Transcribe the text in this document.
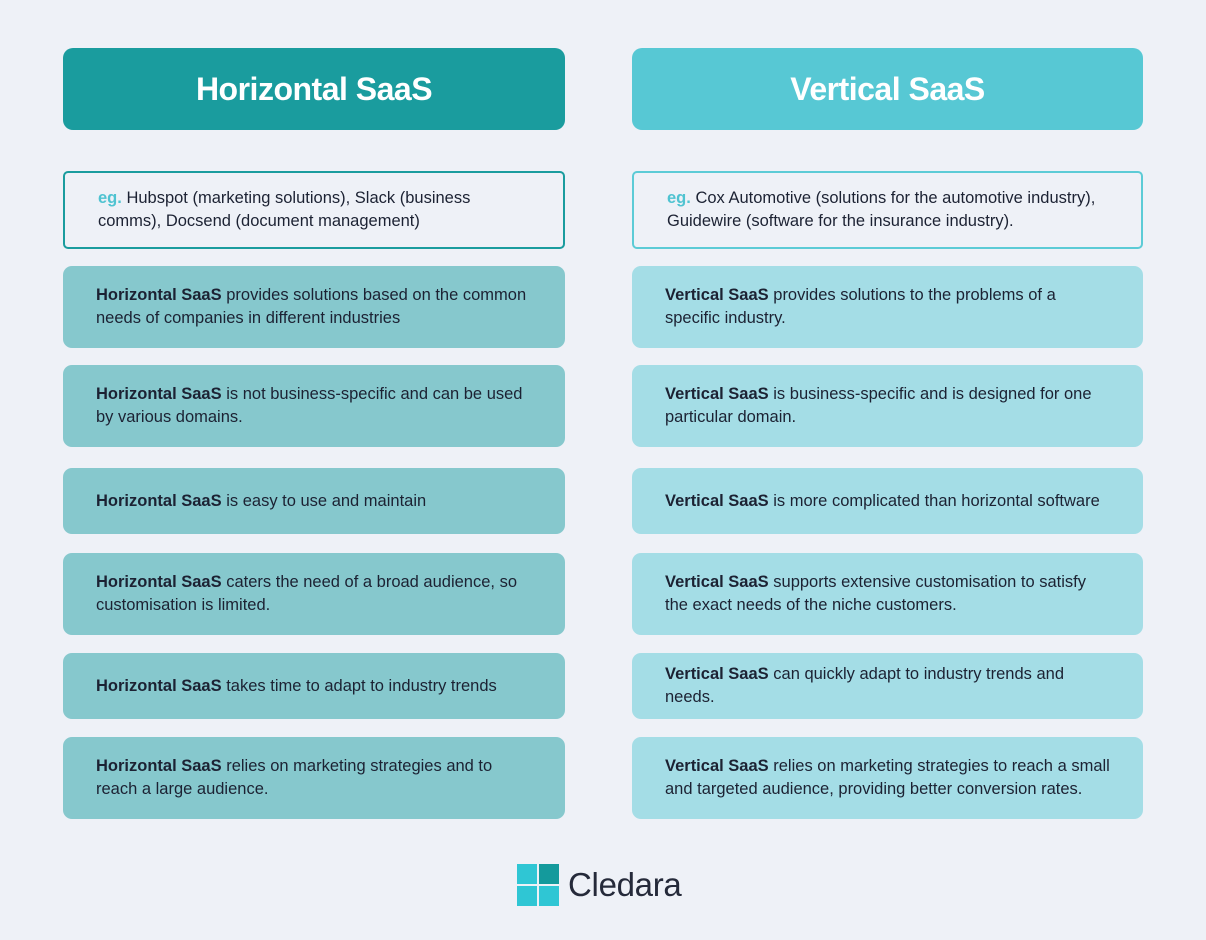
Horizontal SaaS
eg. Hubspot (marketing solutions), Slack (business comms), Docsend (document management)
Horizontal SaaS provides solutions based on the common needs of companies in different industries
Horizontal SaaS is not business-specific and can be used by various domains.
Horizontal SaaS is easy to use and maintain
Horizontal SaaS caters the need of a broad audience, so customisation is limited.
Horizontal SaaS takes time to adapt to industry trends
Horizontal SaaS relies on marketing strategies and to reach a large audience.
Vertical SaaS
eg. Cox Automotive (solutions for the automotive industry), Guidewire (software for the insurance industry).
Vertical SaaS provides solutions to the problems of a specific industry.
Vertical SaaS is business-specific and is designed for one particular domain.
Vertical SaaS is more complicated than horizontal software
Vertical SaaS supports extensive customisation to satisfy the exact needs of the niche customers.
Vertical SaaS can quickly adapt to industry trends and needs.
Vertical SaaS relies on marketing strategies to reach a small and targeted audience, providing better conversion rates.
Cledara
